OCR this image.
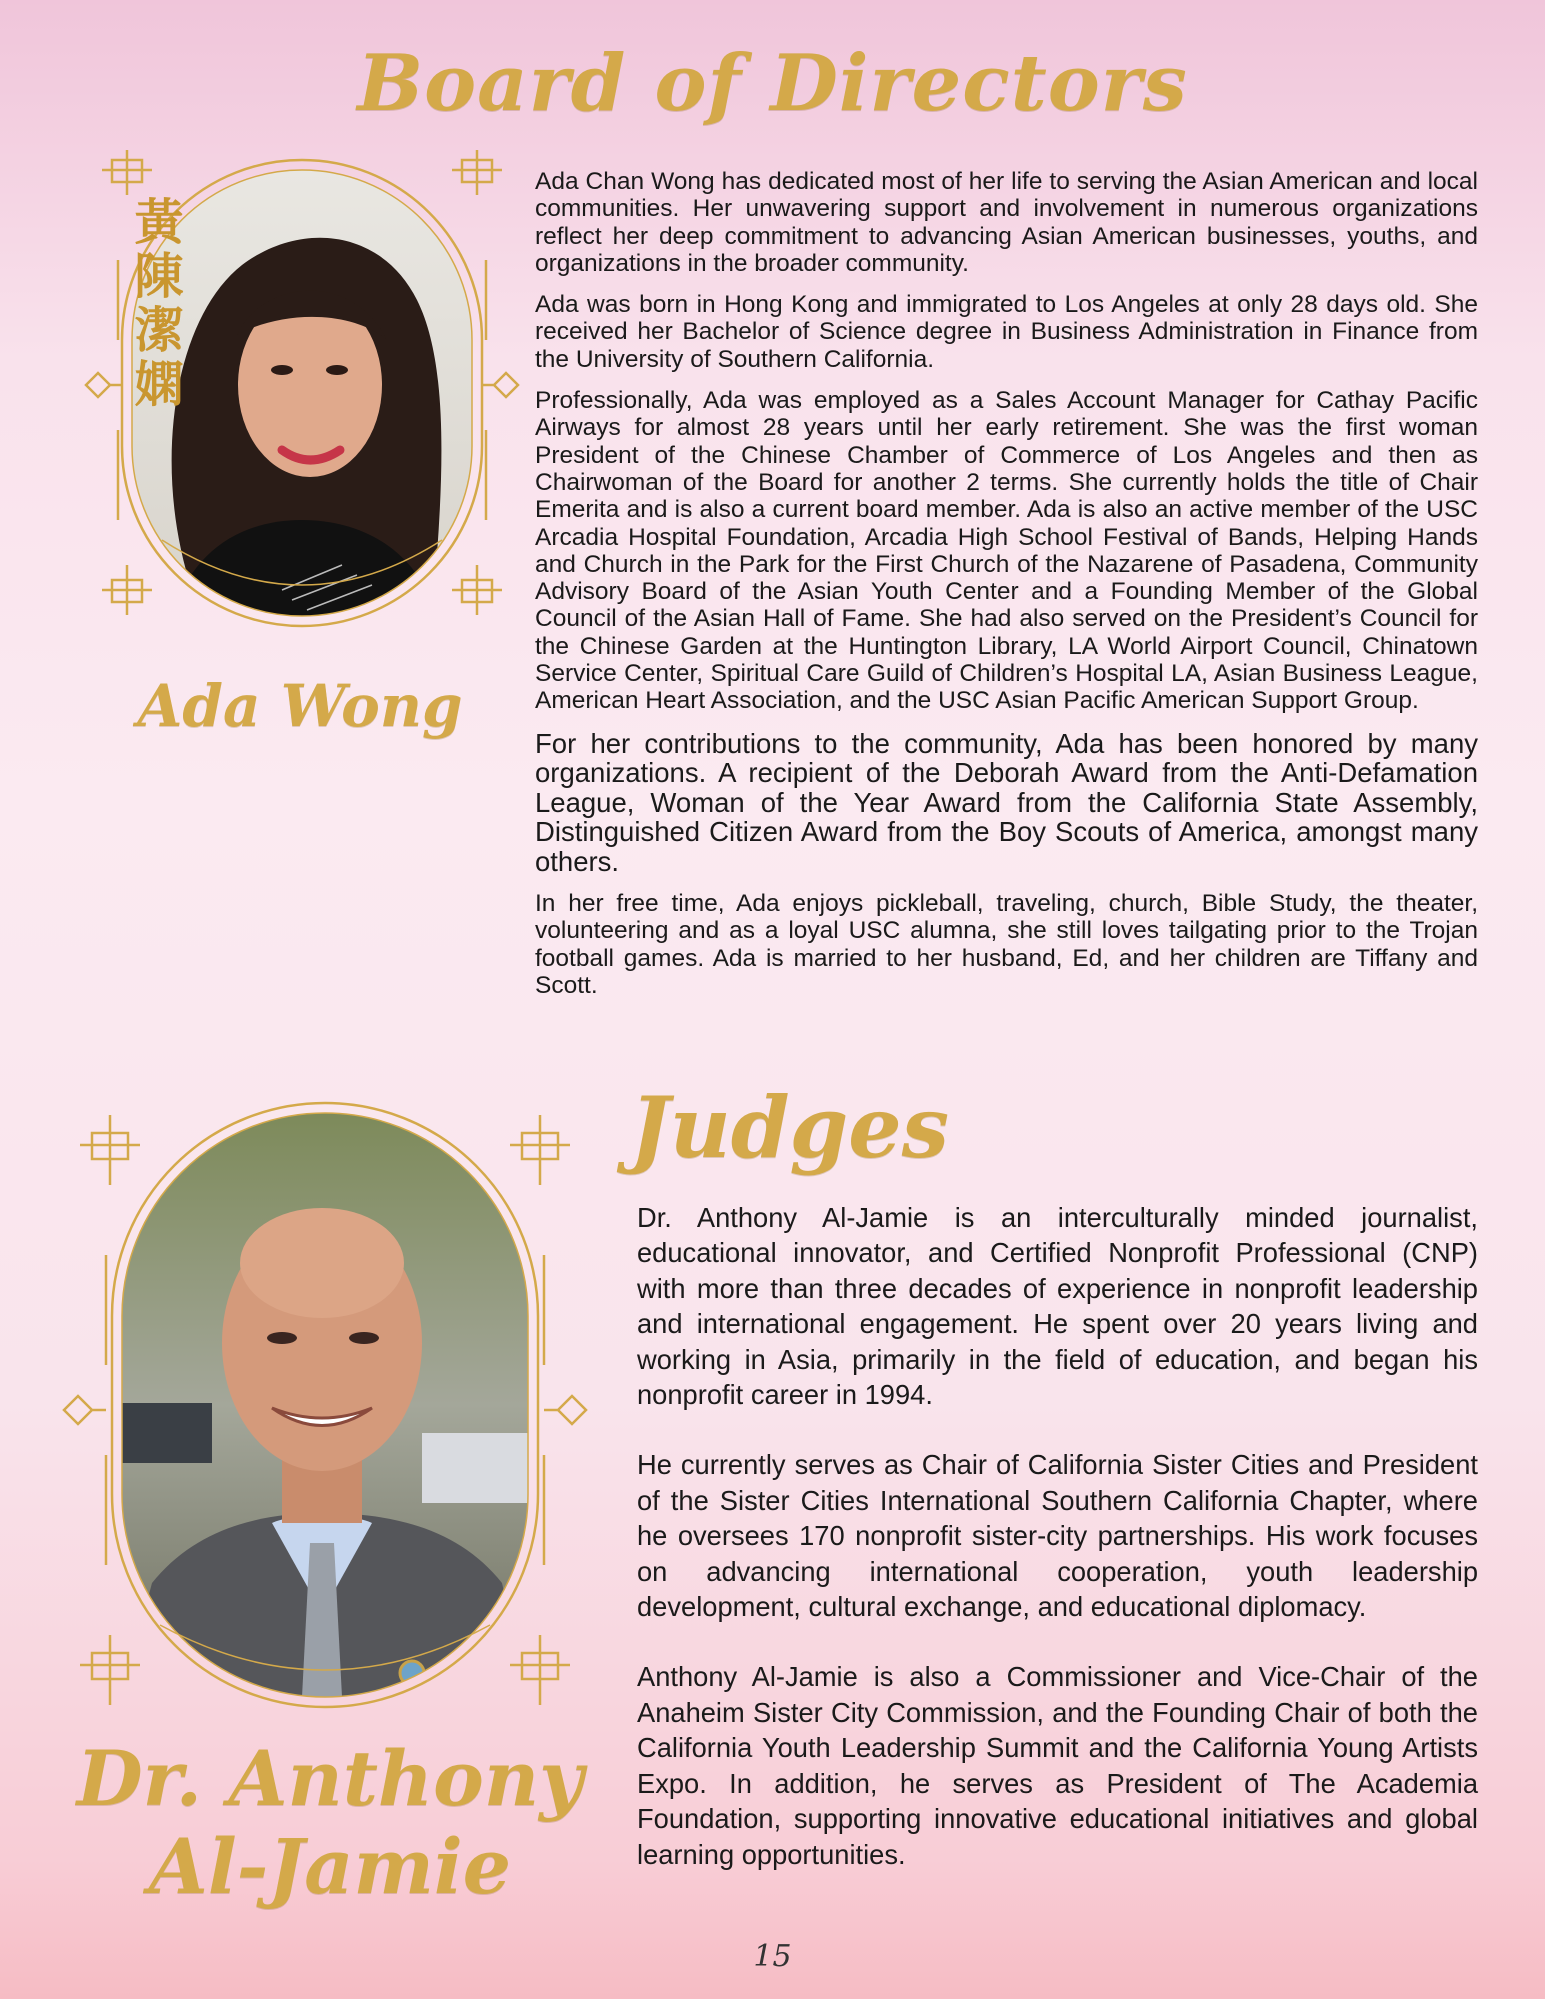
Board of Directors
黃陳潔嫻
Ada Wong

Ada Chan Wong has dedicated most of her life to serving the Asian American and local communities. Her unwavering support and involvement in numerous organizations reflect her deep commitment to advancing Asian American businesses, youths, and organizations in the broader community.

Ada was born in Hong Kong and immigrated to Los Angeles at only 28 days old. She received her Bachelor of Science degree in Business Administration in Finance from the University of Southern California.

Professionally, Ada was employed as a Sales Account Manager for Cathay Pacific Airways for almost 28 years until her early retirement. She was the first woman President of the Chinese Chamber of Commerce of Los Angeles and then as Chairwoman of the Board for another 2 terms. She currently holds the title of Chair Emerita and is also a current board member. Ada is also an active member of the USC Arcadia Hospital Foundation, Arcadia High School Festival of Bands, Helping Hands and Church in the Park for the First Church of the Nazarene of Pasadena, Community Advisory Board of the Asian Youth Center and a Founding Member of the Global Council of the Asian Hall of Fame. She had also served on the President’s Council for the Chinese Garden at the Huntington Library, LA World Airport Council, Chinatown Service Center, Spiritual Care Guild of Children’s Hospital LA, Asian Business League, American Heart Association, and the USC Asian Pacific American Support Group.

For her contributions to the community, Ada has been honored by many organizations. A recipient of the Deborah Award from the Anti-Defamation League, Woman of the Year Award from the California State Assembly, Distinguished Citizen Award from the Boy Scouts of America, amongst many others.

In her free time, Ada enjoys pickleball, traveling, church, Bible Study, the theater, volunteering and as a loyal USC alumna, she still loves tailgating prior to the Trojan football games. Ada is married to her husband, Ed, and her children are Tiffany and Scott.

Judges
Dr. Anthony
Al-Jamie

Dr. Anthony Al-Jamie is an interculturally minded journalist, educational innovator, and Certified Nonprofit Professional (CNP) with more than three decades of experience in nonprofit leadership and international engagement. He spent over 20 years living and working in Asia, primarily in the field of education, and began his nonprofit career in 1994.

He currently serves as Chair of California Sister Cities and President of the Sister Cities International Southern California Chapter, where he oversees 170 nonprofit sister-city partnerships. His work focuses on advancing international cooperation, youth leadership development, cultural exchange, and educational diplomacy.

Anthony Al-Jamie is also a Commissioner and Vice-Chair of the Anaheim Sister City Commission, and the Founding Chair of both the California Youth Leadership Summit and the California Young Artists Expo. In addition, he serves as President of The Academia Foundation, supporting innovative educational initiatives and global learning opportunities.

15
